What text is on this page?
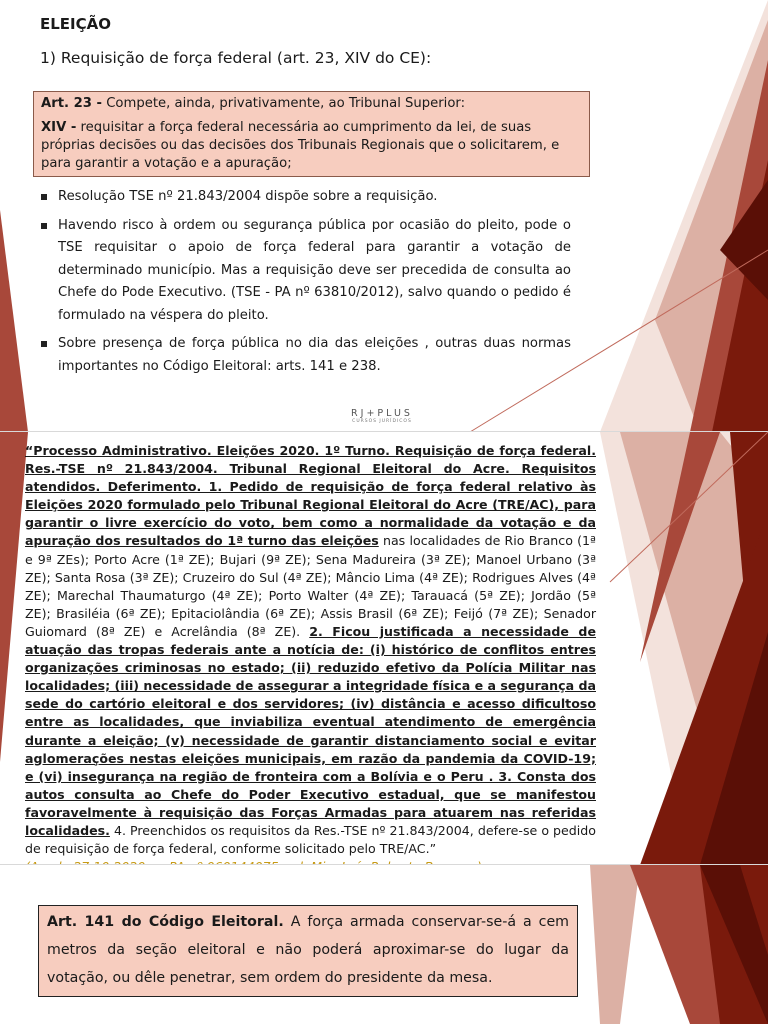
ELEIÇÃO

1) Requisição de força federal (art. 23, XIV do CE):

Art. 23 - Compete, ainda, privativamente, ao Tribunal Superior:

XIV - requisitar a força federal necessária ao cumprimento da lei, de suas próprias decisões ou das decisões dos Tribunais Regionais que o solicitarem, e para garantir a votação e a apuração;

Resolução TSE nº 21.843/2004 dispõe sobre a requisição.
Havendo risco à ordem ou segurança pública por ocasião do pleito, pode o TSE requisitar o apoio de força federal para garantir a votação de determinado município. Mas a requisição deve ser precedida de consulta ao Chefe do Pode Executivo. (TSE - PA nº 63810/2012), salvo quando o pedido é formulado na véspera do pleito.
Sobre presença de força pública no dia das eleições , outras duas normas importantes no Código Eleitoral: arts. 141 e 238.
RJ+PLUS
CURSOS JURÍDICOS
“Processo Administrativo. Eleições 2020. 1º Turno. Requisição de força federal. Res.-TSE nº 21.843/2004. Tribunal Regional Eleitoral do Acre. Requisitos atendidos. Deferimento. 1. Pedido de requisição de força federal relativo às Eleições 2020 formulado pelo Tribunal Regional Eleitoral do Acre (TRE/AC), para garantir o livre exercício do voto, bem como a normalidade da votação e da apuração dos resultados do 1ª turno das eleições nas localidades de Rio Branco (1ª e 9ª ZEs); Porto Acre (1ª ZE); Bujari (9ª ZE); Sena Madureira (3ª ZE); Manoel Urbano (3ª ZE); Santa Rosa (3ª ZE); Cruzeiro do Sul (4ª ZE); Mâncio Lima (4ª ZE); Rodrigues Alves (4ª ZE); Marechal Thaumaturgo (4ª ZE); Porto Walter (4ª ZE); Tarauacá (5ª ZE); Jordão (5ª ZE); Brasiléia (6ª ZE); Epitaciolândia (6ª ZE); Assis Brasil (6ª ZE); Feijó (7ª ZE); Senador Guiomard (8ª ZE) e Acrelândia (8ª ZE). 2. Ficou justificada a necessidade de atuação das tropas federais ante a notícia de: (i) histórico de conflitos entres organizações criminosas no estado; (ii) reduzido efetivo da Polícia Militar nas localidades; (iii) necessidade de assegurar a integridade física e a segurança da sede do cartório eleitoral e dos servidores; (iv) distância e acesso dificultoso entre as localidades, que inviabiliza eventual atendimento de emergência durante a eleição; (v) necessidade de garantir distanciamento social e evitar aglomerações nestas eleições municipais, em razão da pandemia da COVID-19; e (vi) insegurança na região de fronteira com a Bolívia e o Peru . 3. Consta dos autos consulta ao Chefe do Poder Executivo estadual, que se manifestou favoravelmente à requisição das Forças Armadas para atuarem nas referidas localidades. 4. Preenchidos os requisitos da Res.-TSE nº 21.843/2004, defere-se o pedido de requisição de força federal, conforme solicitado pelo TRE/AC.”

Art. 141 do Código Eleitoral. A força armada conservar-se-á a cem metros da seção eleitoral e não poderá aproximar-se do lugar da votação, ou dêle penetrar, sem ordem do presidente da mesa.
